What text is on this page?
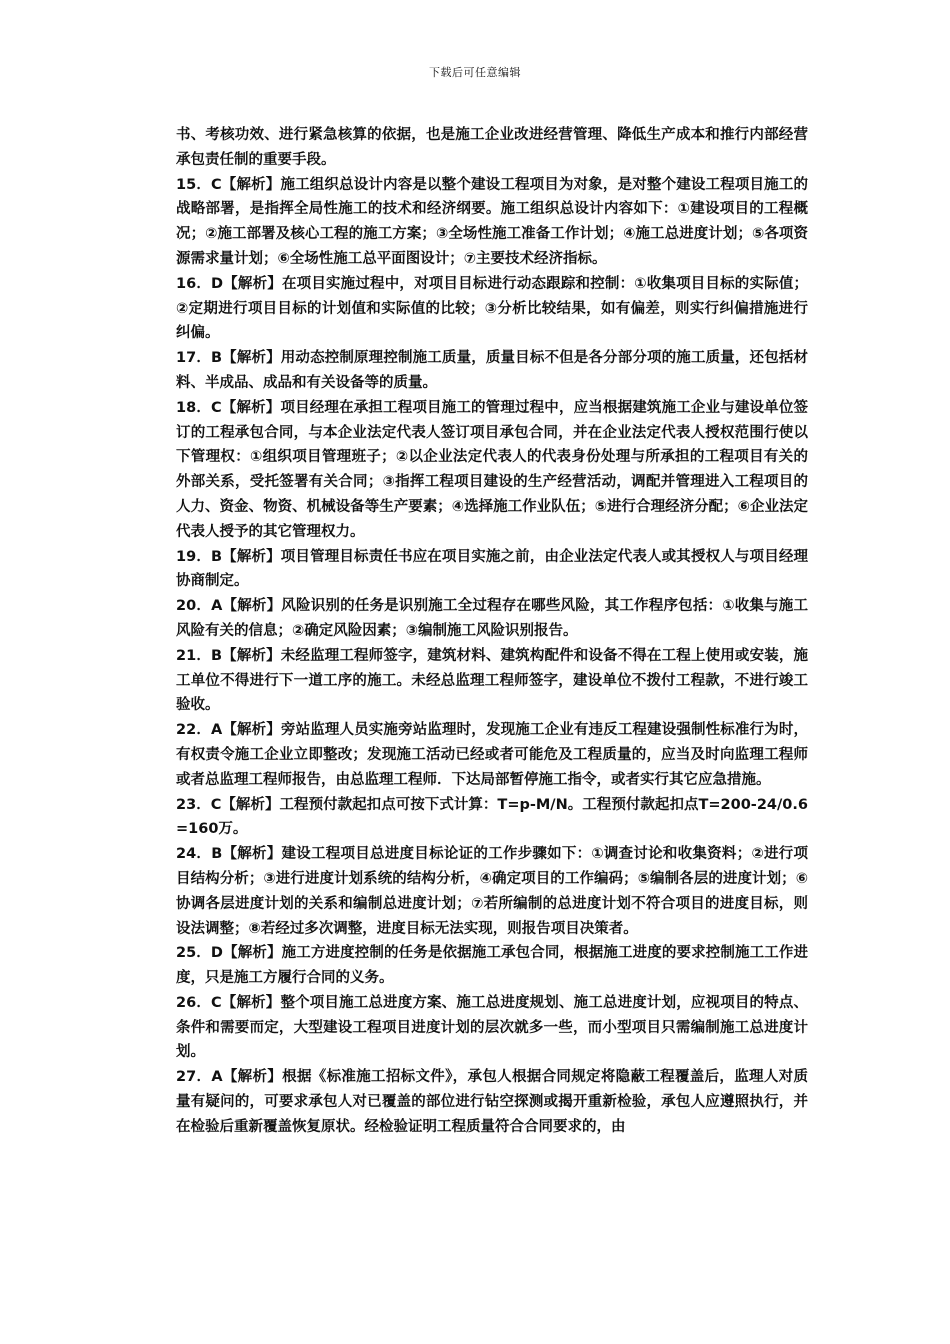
下载后可任意编辑

书、考核功效、进行紧急核算的依据，也是施工企业改进经营管理、降低生产成本和推行内部经营承包责任制的重要手段。

15．C【解析】施工组织总设计内容是以整个建设工程项目为对象，是对整个建设工程项目施工的战略部署，是指挥全局性施工的技术和经济纲要。施工组织总设计内容如下：①建设项目的工程概况；②施工部署及核心工程的施工方案；③全场性施工准备工作计划；④施工总进度计划；⑤各项资源需求量计划；⑥全场性施工总平面图设计；⑦主要技术经济指标。

16．D【解析】在项目实施过程中，对项目目标进行动态跟踪和控制：①收集项目目标的实际值；②定期进行项目目标的计划值和实际值的比较；③分析比较结果，如有偏差，则实行纠偏措施进行纠偏。

17．B【解析】用动态控制原理控制施工质量，质量目标不但是各分部分项的施工质量，还包括材料、半成品、成品和有关设备等的质量。

18．C【解析】项目经理在承担工程项目施工的管理过程中，应当根据建筑施工企业与建设单位签订的工程承包合同，与本企业法定代表人签订项目承包合同，并在企业法定代表人授权范围行使以下管理权：①组织项目管理班子；②以企业法定代表人的代表身份处理与所承担的工程项目有关的外部关系，受托签署有关合同；③指挥工程项目建设的生产经营活动，调配并管理进入工程项目的人力、资金、物资、机械设备等生产要素；④选择施工作业队伍；⑤进行合理经济分配；⑥企业法定代表人授予的其它管理权力。

19．B【解析】项目管理目标责任书应在项目实施之前，由企业法定代表人或其授权人与项目经理协商制定。

20．A【解析】风险识别的任务是识别施工全过程存在哪些风险，其工作程序包括：①收集与施工风险有关的信息；②确定风险因素；③编制施工风险识别报告。

21．B【解析】未经监理工程师签字，建筑材料、建筑构配件和设备不得在工程上使用或安装，施工单位不得进行下一道工序的施工。未经总监理工程师签字，建设单位不拨付工程款，不进行竣工验收。

22．A【解析】旁站监理人员实施旁站监理时，发现施工企业有违反工程建设强制性标准行为时，有权责令施工企业立即整改；发现施工活动已经或者可能危及工程质量的，应当及时向监理工程师或者总监理工程师报告，由总监理工程师．下达局部暂停施工指令，或者实行其它应急措施。

23．C【解析】工程预付款起扣点可按下式计算：T=p-M/N。工程预付款起扣点T=200-24/0.6=160万。

24．B【解析】建设工程项目总进度目标论证的工作步骤如下：①调查讨论和收集资料；②进行项目结构分析；③进行进度计划系统的结构分析，④确定项目的工作编码；⑤编制各层的进度计划；⑥协调各层进度计划的关系和编制总进度计划；⑦若所编制的总进度计划不符合项目的进度目标，则设法调整；⑧若经过多次调整，进度目标无法实现，则报告项目决策者。

25．D【解析】施工方进度控制的任务是依据施工承包合同，根据施工进度的要求控制施工工作进度，只是施工方履行合同的义务。

26．C【解析】整个项目施工总进度方案、施工总进度规划、施工总进度计划，应视项目的特点、条件和需要而定，大型建设工程项目进度计划的层次就多一些，而小型项目只需编制施工总进度计划。

27．A【解析】根据《标准施工招标文件》，承包人根据合同规定将隐蔽工程覆盖后，监理人对质量有疑问的，可要求承包人对已覆盖的部位进行钻空探测或揭开重新检验，承包人应遵照执行，并在检验后重新覆盖恢复原状。经检验证明工程质量符合合同要求的，由
